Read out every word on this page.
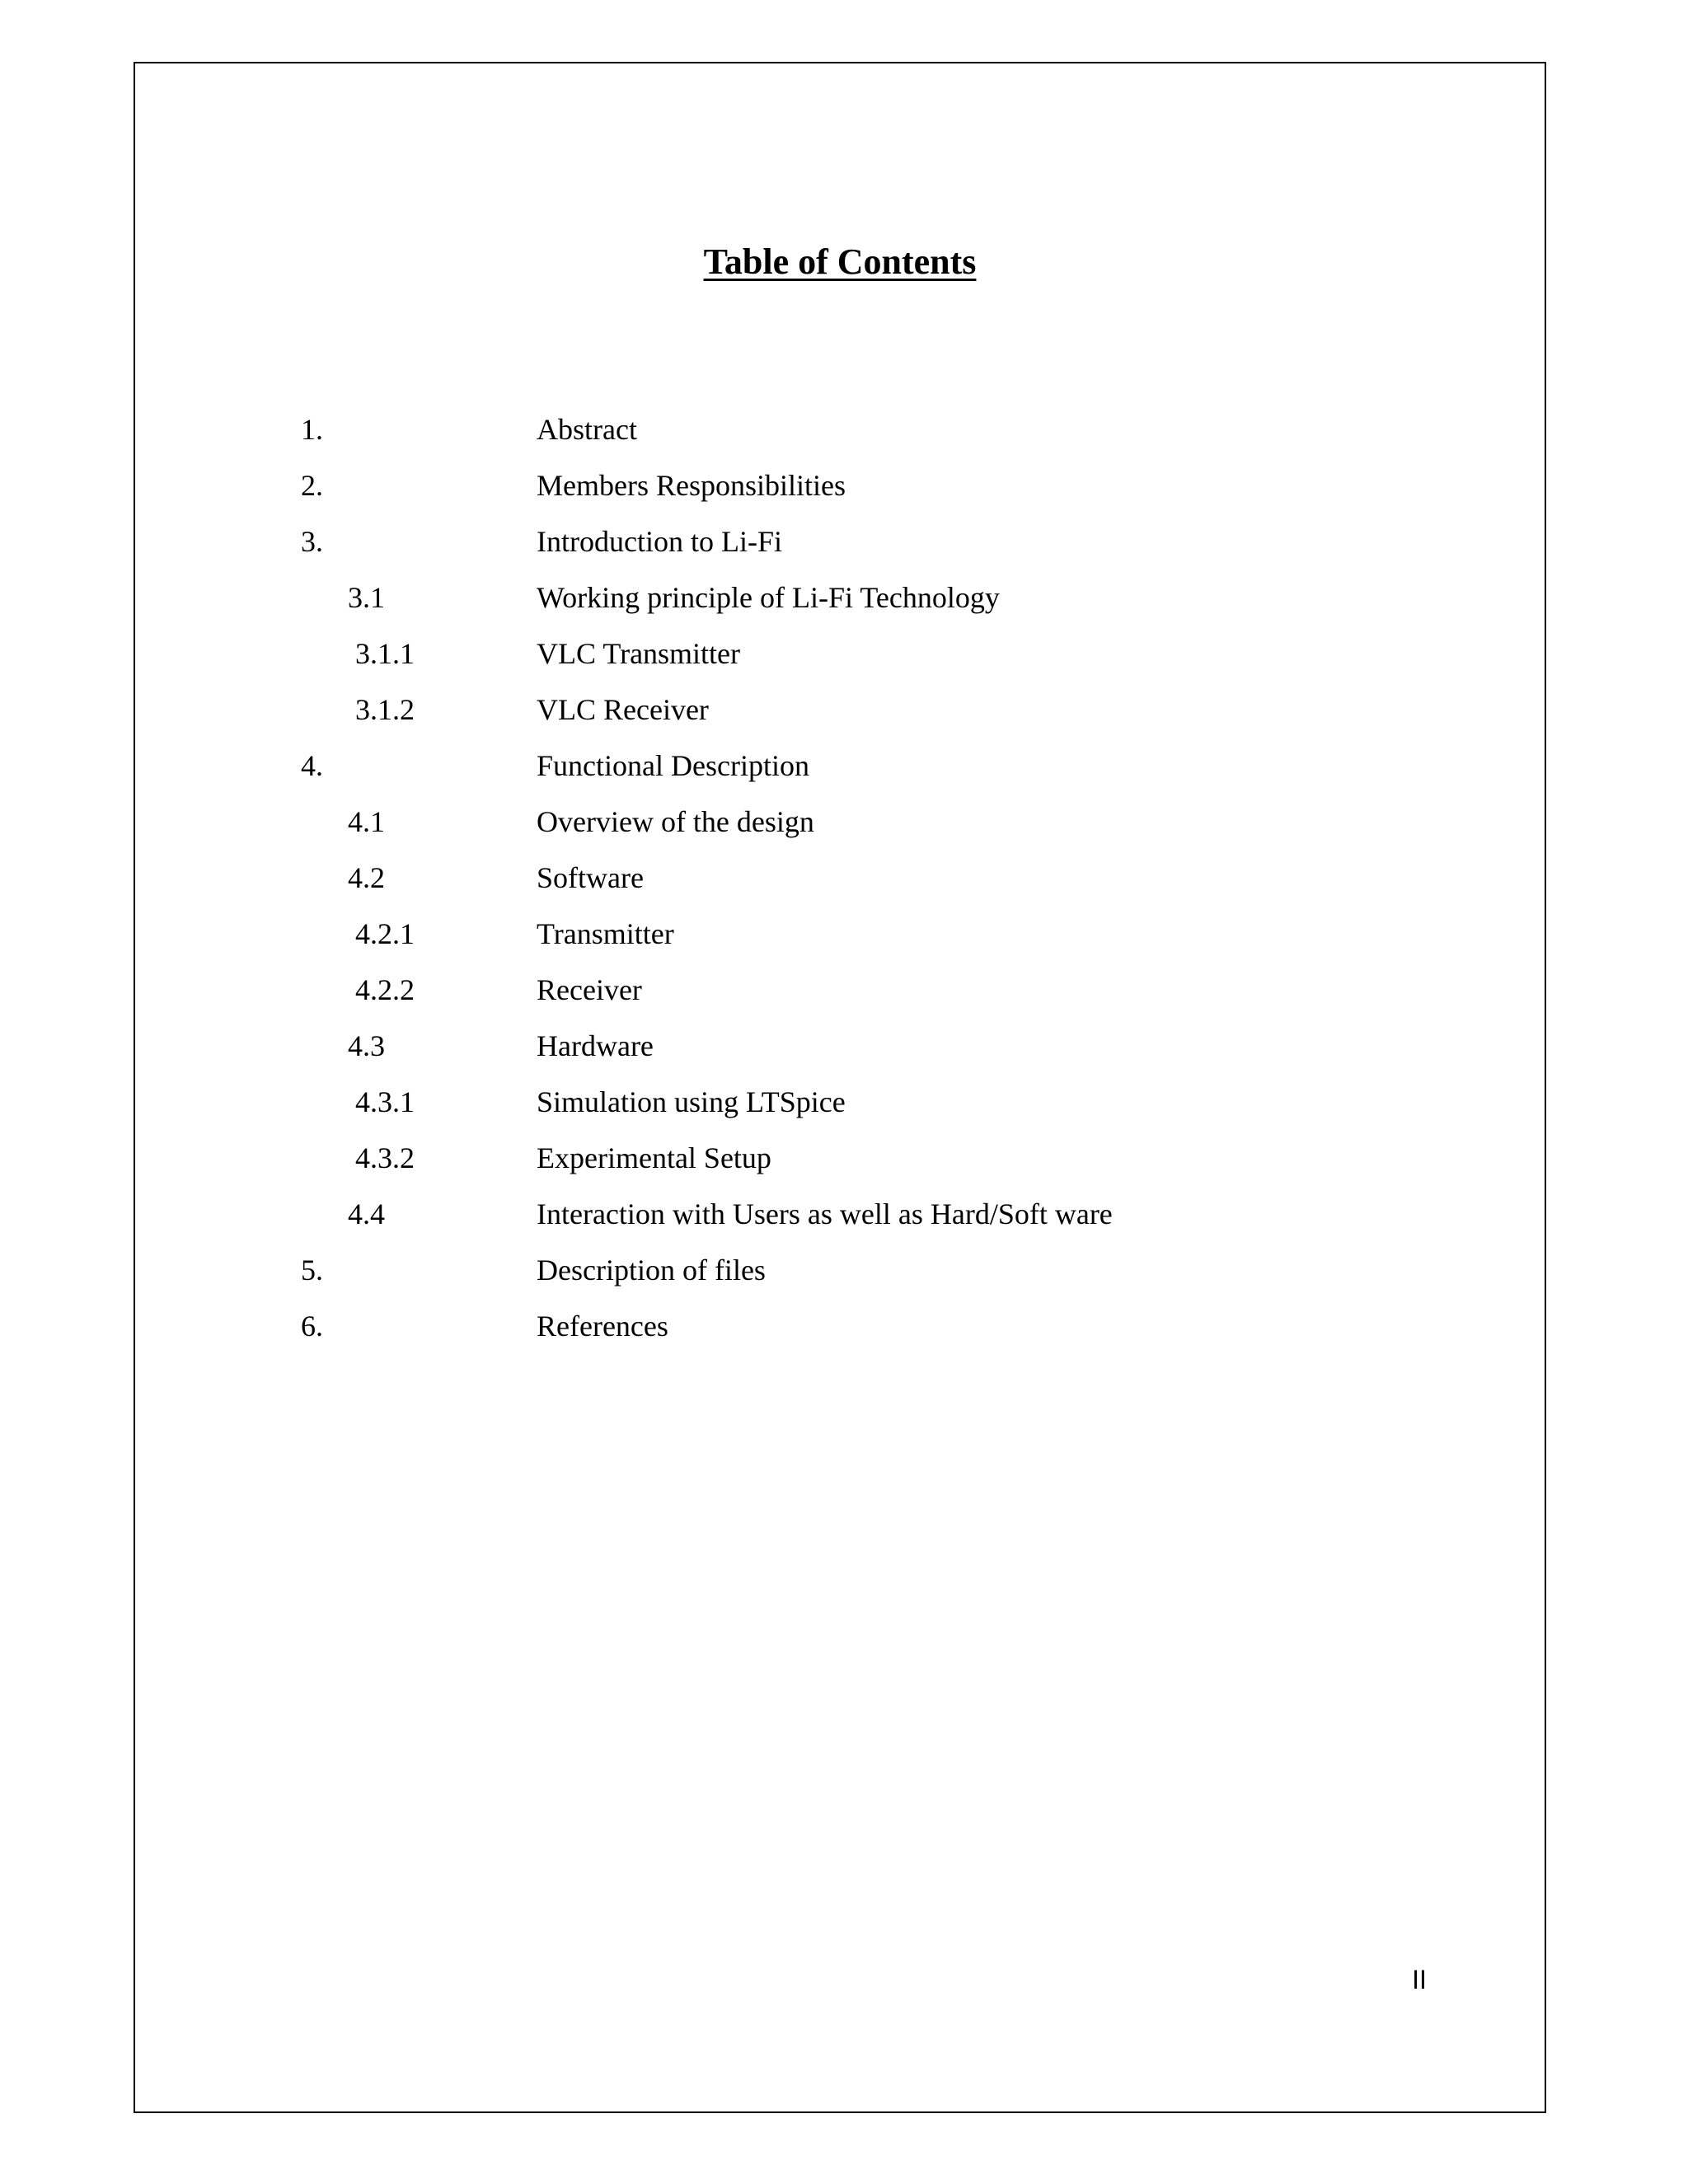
Table of Contents
1.	Abstract
2.	Members Responsibilities
3.	Introduction to Li-Fi
3.1	Working principle of Li-Fi Technology
3.1.1	VLC Transmitter
3.1.2	VLC Receiver
4.	Functional Description
4.1	Overview of the design
4.2	Software
4.2.1	Transmitter
4.2.2	Receiver
4.3	Hardware
4.3.1	Simulation using LTSpice
4.3.2	Experimental Setup
4.4	Interaction with Users as well as Hard/Soft ware
5.	Description of files
6.	References
II
